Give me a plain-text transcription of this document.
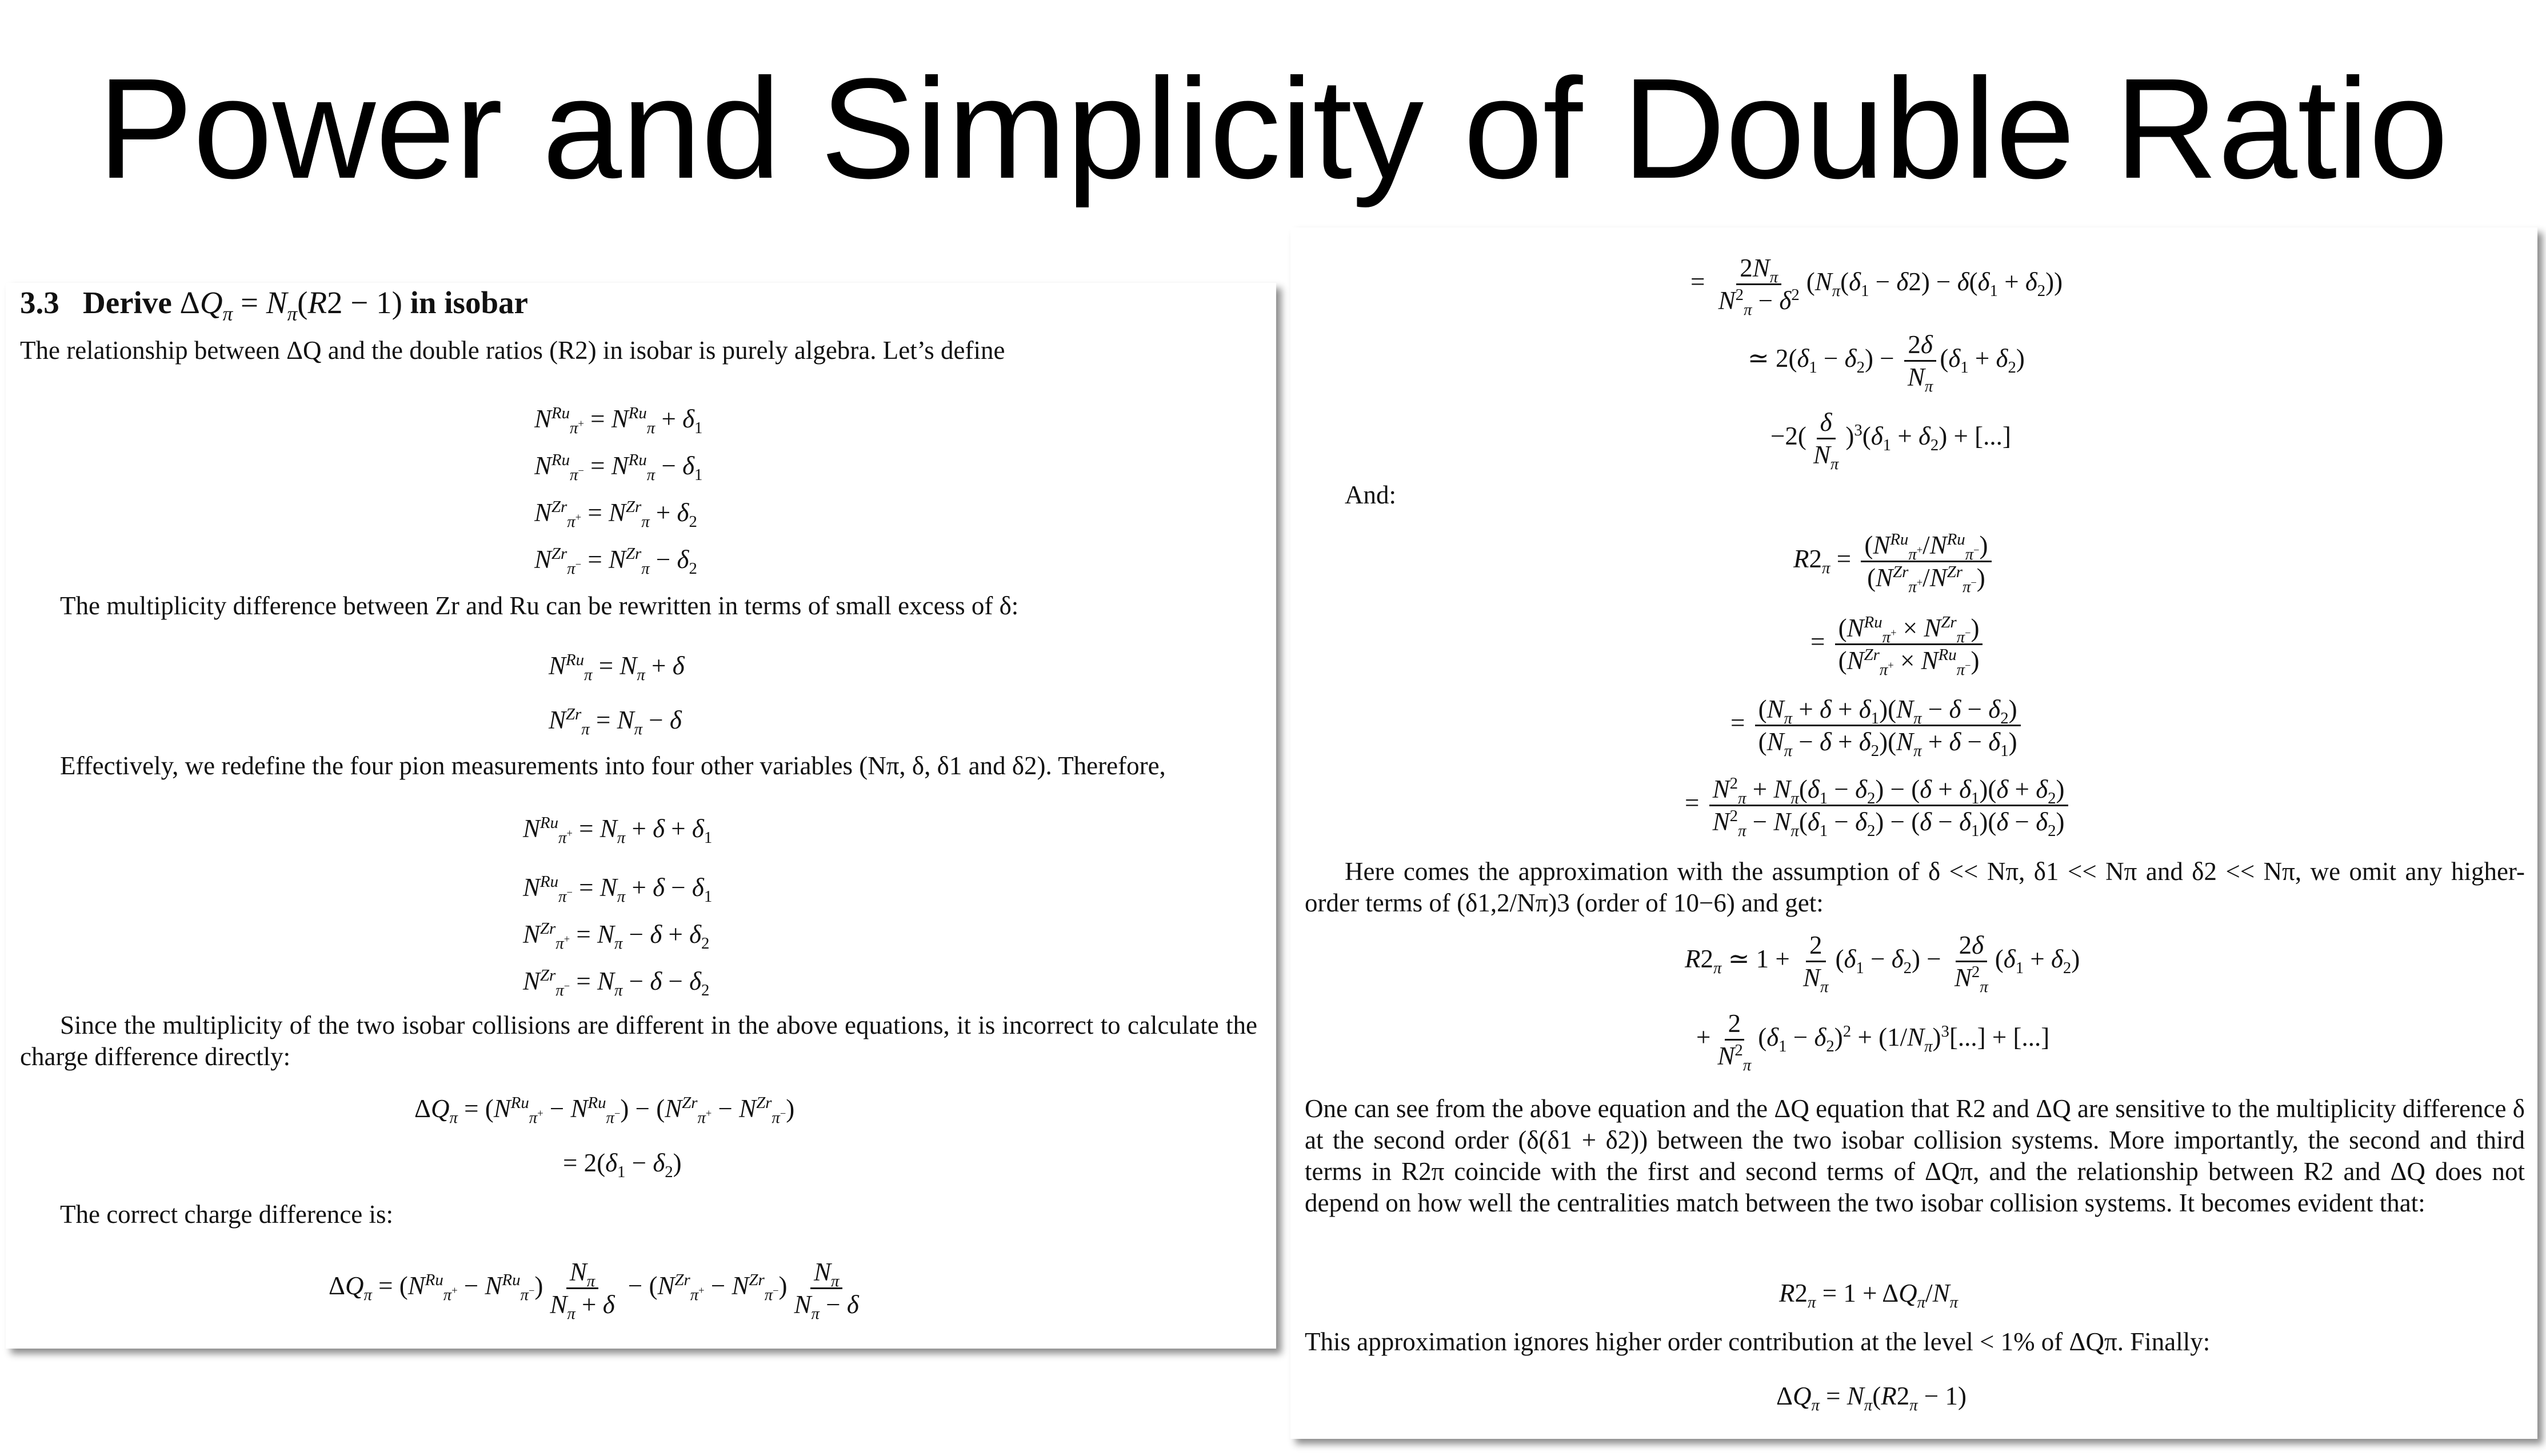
Power and Simplicity of Double Ratio
3.3 Derive $\Delta Q_\pi = N_\pi(R2 - 1)$ in isobar
The relationship between ΔQ and the double ratios (R2) in isobar is purely algebra. Let’s define
$N^{Ru}_{\pi^+} = N^{Ru}_\pi + \delta_1$
$N^{Ru}_{\pi^-} = N^{Ru}_\pi - \delta_1$
$N^{Zr}_{\pi^+} = N^{Zr}_\pi + \delta_2$
$N^{Zr}_{\pi^-} = N^{Zr}_\pi - \delta_2$
The multiplicity difference between Zr and Ru can be rewritten in terms of small excess of δ:
$N^{Ru}_\pi = N_\pi + \delta$
$N^{Zr}_\pi = N_\pi - \delta$
Effectively, we redefine the four pion measurements into four other variables (Nπ, δ, δ1 and δ2). Therefore,
$N^{Ru}_{\pi^+} = N_\pi + \delta + \delta_1$
$N^{Ru}_{\pi^-} = N_\pi + \delta - \delta_1$
$N^{Zr}_{\pi^+} = N_\pi - \delta + \delta_2$
$N^{Zr}_{\pi^-} = N_\pi - \delta - \delta_2$
Since the multiplicity of the two isobar collisions are different in the above equations, it is incorrect to calculate the charge difference directly:
$\Delta Q_\pi = (N^{Ru}_{\pi^+} - N^{Ru}_{\pi^-}) - (N^{Zr}_{\pi^+} - N^{Zr}_{\pi^-})$
= $2(\delta_1 - \delta_2)$
The correct charge difference is:
$\Delta Q_\pi = (N^{Ru}_{\pi^+} - N^{Ru}_{\pi^-}) \frac{N_\pi}{N_\pi + \delta} - (N^{Zr}_{\pi^+} - N^{Zr}_{\pi^-}) \frac{N_\pi}{N_\pi - \delta}$
= $\frac{2N_\pi}{N^2_\pi - \delta^2} (N_\pi(\delta_1 - \delta 2) - \delta(\delta_1 + \delta_2))$
≃ $2(\delta_1 - \delta_2) - \frac{2\delta}{N_\pi} (\delta_1 + \delta_2)$
$-2( \frac{\delta}{N_\pi} )^3(\delta_1 + \delta_2)$ + [...]
And:
$R2_\pi = \frac{(N^{Ru}_{\pi^+}/N^{Ru}_{\pi^-})}{(N^{Zr}_{\pi^+}/N^{Zr}_{\pi^-})}$
= $\frac{(N^{Ru}_{\pi^+} \times N^{Zr}_{\pi^-})}{(N^{Zr}_{\pi^+} \times N^{Ru}_{\pi^-})}$
= $\frac{(N_\pi + \delta + \delta_1)(N_\pi - \delta - \delta_2)}{(N_\pi - \delta + \delta_2)(N_\pi + \delta - \delta_1)}$
= $\frac{N^2_\pi + N_\pi(\delta_1 - \delta_2) - (\delta + \delta_1)(\delta + \delta_2)}{N^2_\pi - N_\pi(\delta_1 - \delta_2) - (\delta - \delta_1)(\delta - \delta_2)}$
Here comes the approximation with the assumption of δ << Nπ, δ1 << Nπ and δ2 << Nπ, we omit any higher-order terms of (δ1,2/Nπ)3 (order of 10−6) and get:
$R2_\pi$ ≃ $1 + \frac{2}{N_\pi} (\delta_1 - \delta_2) - \frac{2\delta}{N^2_\pi} (\delta_1 + \delta_2)$
+ $\frac{2}{N^2_\pi} (\delta_1 - \delta_2)^2 + (1/N_\pi)^3[...]$ + [...]
One can see from the above equation and the ΔQ equation that R2 and ΔQ are sensitive to the multiplicity difference δ at the second order (δ(δ1 + δ2)) between the two isobar collision systems. More importantly, the second and third terms in R2π coincide with the first and second terms of ΔQπ, and the relationship between R2 and ΔQ does not depend on how well the centralities match between the two isobar collision systems. It becomes evident that:
$R2_\pi = 1 + \Delta Q_\pi/N_\pi$
This approximation ignores higher order contribution at the level < 1% of ΔQπ. Finally:
$\Delta Q_\pi = N_\pi(R2_\pi - 1)$
